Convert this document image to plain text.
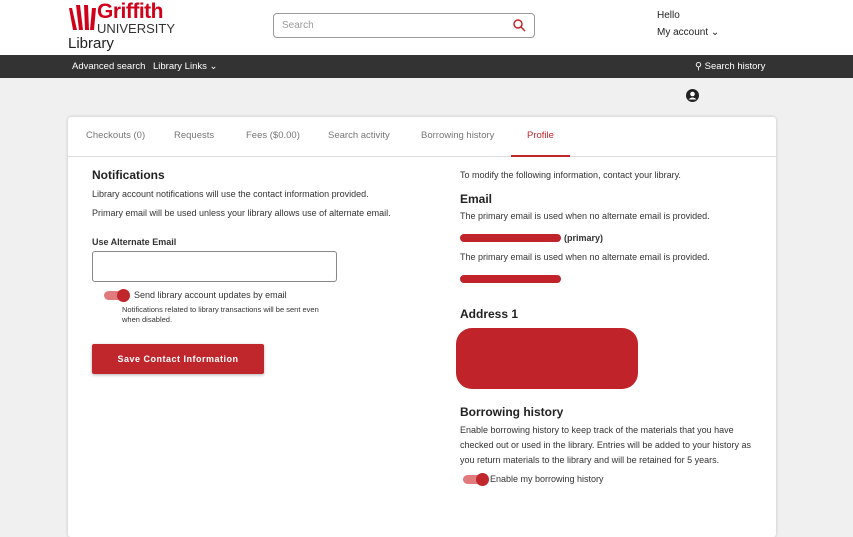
Griffith
UNIVERSITY
Library
Search
Hello
My account ⌄
Advanced search Library Links ⌄	⚲ Search history
Checkouts (0)	Requests	Fees ($0.00)	Search activity	Borrowing history	Profile
Notifications
Library account notifications will use the contact information provided.
Primary email will be used unless your library allows use of alternate email.
Use Alternate Email
Send library account updates by email
Notifications related to library transactions will be sent even
when disabled.
Save Contact Information
To modify the following information, contact your library.
Email
The primary email is used when no alternate email is provided.
(primary)
The primary email is used when no alternate email is provided.
Address 1
Borrowing history
Enable borrowing history to keep track of the materials that you have
checked out or used in the library. Entries will be added to your history as
you return materials to the library and will be retained for 5 years.
Enable my borrowing history
